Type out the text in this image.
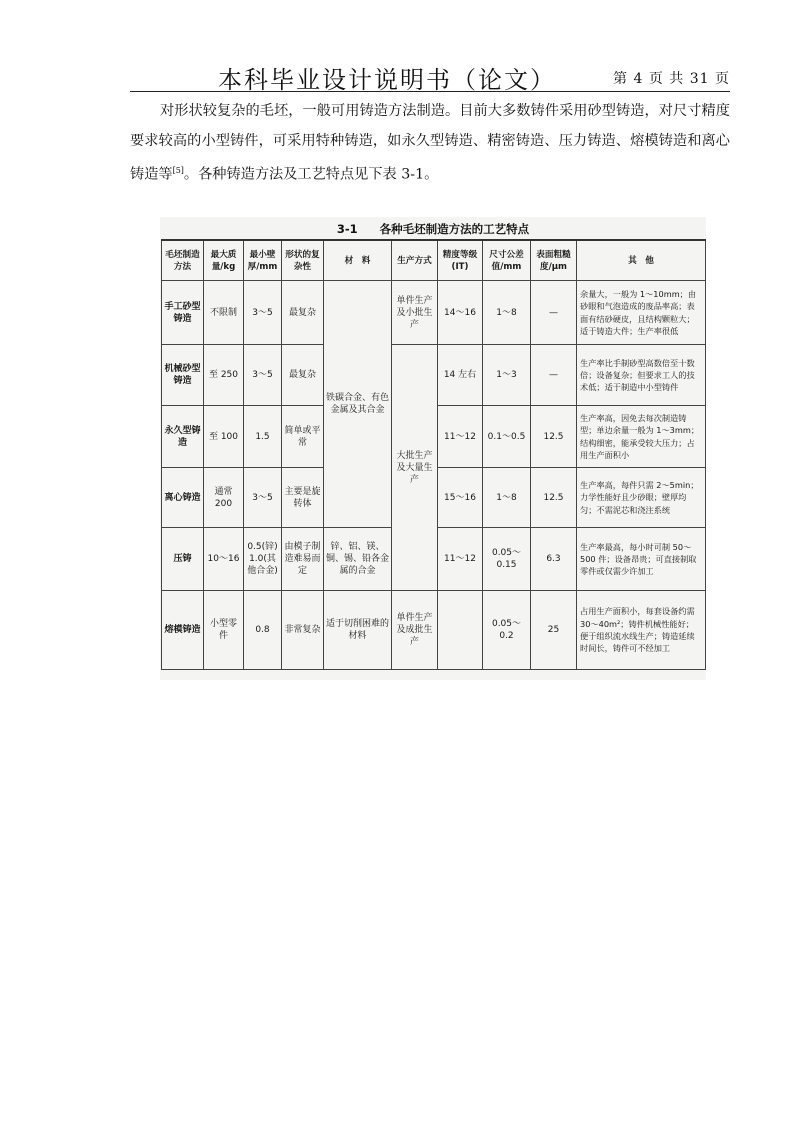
本科毕业设计说明书（论文）	第 4 页 共 31 页

对形状较复杂的毛坯，一般可用铸造方法制造。目前大多数铸件采用砂型铸造，对尺寸精度要求较高的小型铸件，可采用特种铸造，如永久型铸造、精密铸造、压力铸造、熔模铸造和离心铸造等[5]。各种铸造方法及工艺特点见下表 3-1。

3-1 各种毛坯制造方法的工艺特点
毛坯制造方法	最大质量/kg	最小壁厚/mm	形状的复杂性	材　料	生产方式	精度等级(IT)	尺寸公差值/mm	表面粗糙度/μm	其　他
手工砂型铸造	不限制	3～5	最复杂	铁碳合金、有色金属及其合金	单件生产及小批生产	14～16	1～8	—	余量大，一般为 1～10mm；由砂眼和气泡造成的废品率高；表面有结砂硬皮，且结构颗粒大；适于铸造大件；生产率很低
机械砂型铸造	至 250	3～5	最复杂		大批生产及大量生产	14 左右	1～3	—	生产率比手制砂型高数倍至十数倍；设备复杂；但要求工人的技术低；适于制造中小型铸件
永久型铸造	至 100	1.5	简单或平　常			11～12	0.1～0.5	12.5	生产率高，因免去每次制造铸型；单边余量一般为 1～3mm；结构细密，能承受较大压力；占用生产面积小
离心铸造	通常 200	3～5	主要是旋转体			15～16	1～8	12.5	生产率高，每件只需 2～5min；力学性能好且少砂眼；壁厚均匀；不需泥芯和浇注系统
压铸	10～16	0.5(锌) 1.0(其他合金)	由模子制造难易而定	锌、铝、镁、铜、锡、铅各金属的合金		11～12	0.05～0.15	6.3	生产率最高，每小时可制 50～500 件；设备昂贵；可直接制取零件或仅需少许加工
熔模铸造	小型零件	0.8	非常复杂	适于切削困难的材料	单件生产及成批生产		0.05～0.2	25	占用生产面积小，每套设备约需 30～40m²；铸件机械性能好；便于组织流水线生产；铸造延续时间长，铸件可不经加工
